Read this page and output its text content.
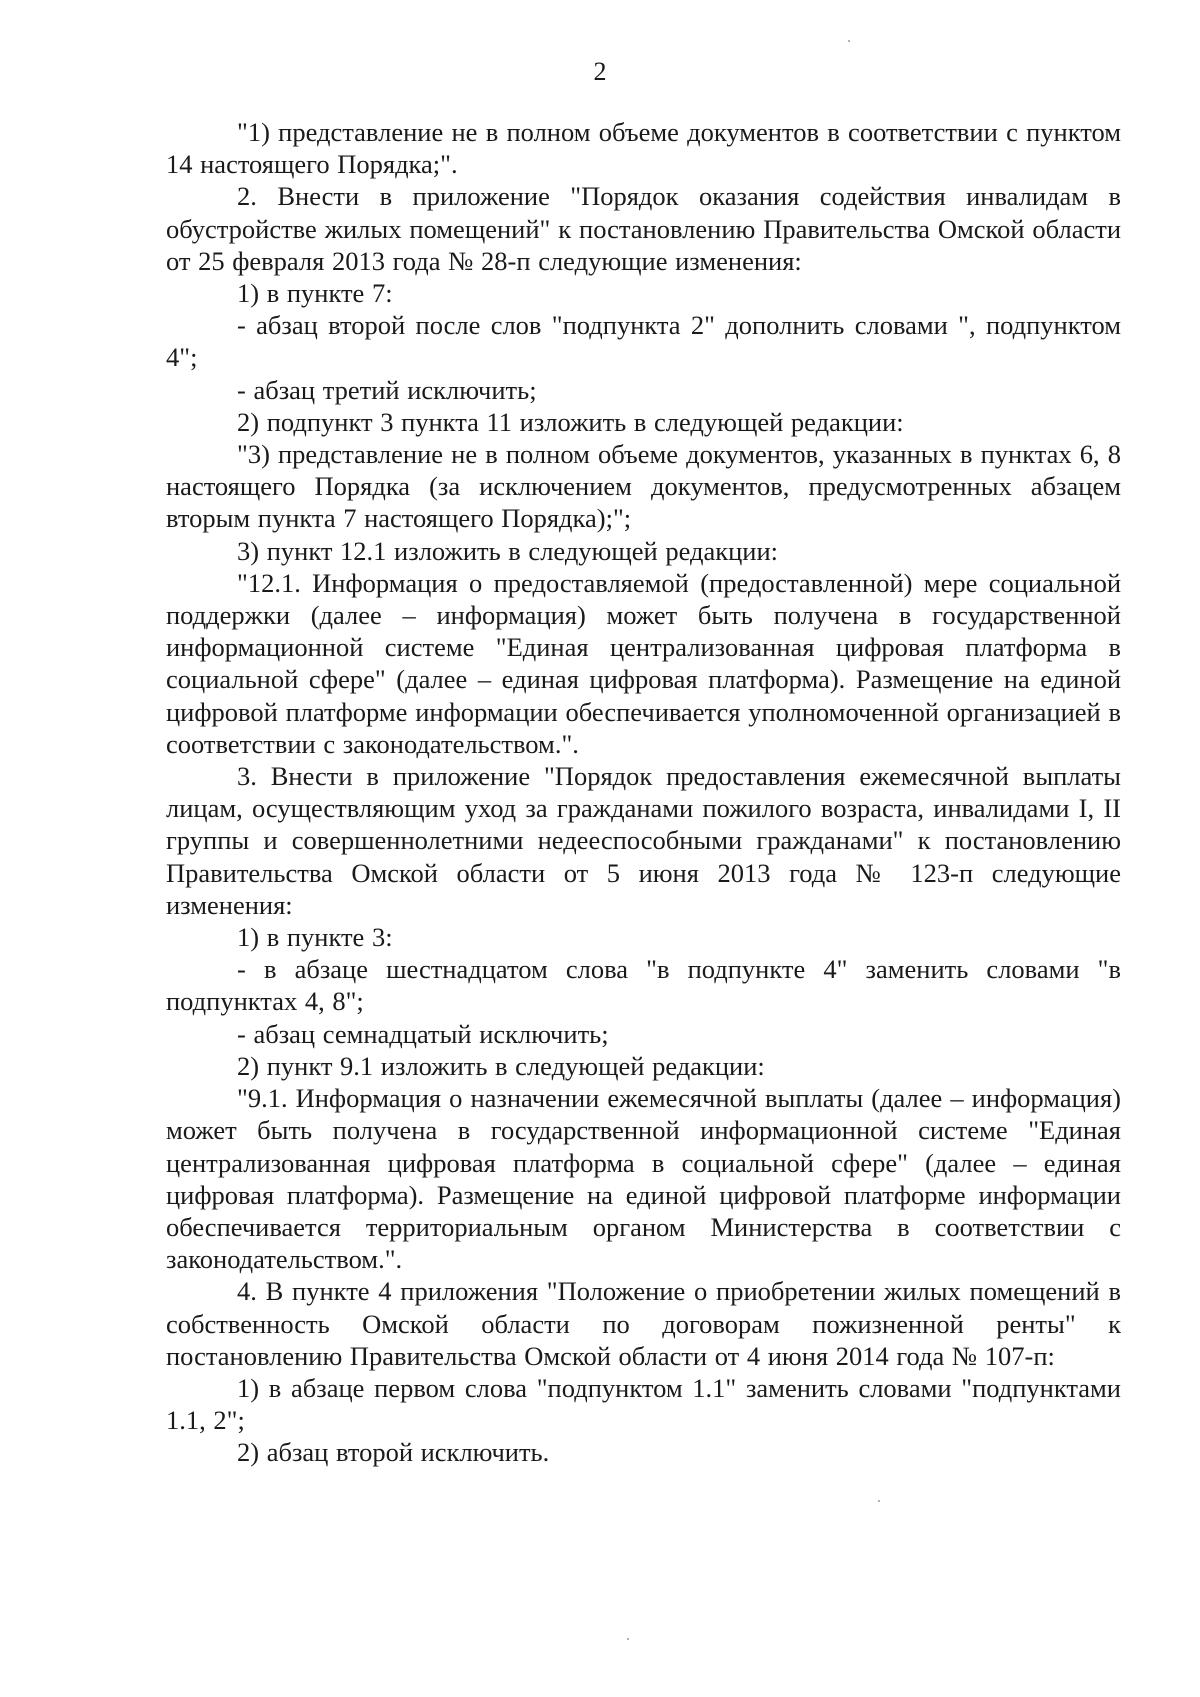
2

"1) представление не в полном объеме документов в соответствии с пунктом 14 настоящего Порядка;".

2. Внести в приложение "Порядок оказания содействия инвалидам в обустройстве жилых помещений" к постановлению Правительства Омской области от 25 февраля 2013 года № 28-п следующие изменения:

1) в пункте 7:

- абзац второй после слов "подпункта 2" дополнить словами ", подпунктом 4";

- абзац третий исключить;

2) подпункт 3 пункта 11 изложить в следующей редакции:

"3) представление не в полном объеме документов, указанных в пунктах 6, 8 настоящего Порядка (за исключением документов, предусмотренных абзацем вторым пункта 7 настоящего Порядка);";

3) пункт 12.1 изложить в следующей редакции:

"12.1. Информация о предоставляемой (предоставленной) мере социальной поддержки (далее – информация) может быть получена в государственной информационной системе "Единая централизованная цифровая платформа в социальной сфере" (далее – единая цифровая платформа). Размещение на единой цифровой платформе информации обеспечивается уполномоченной организацией в соответствии с законодательством.".

3. Внести в приложение "Порядок предоставления ежемесячной выплаты лицам, осуществляющим уход за гражданами пожилого возраста, инвалидами I, II группы и совершеннолетними недееспособными гражданами" к постановлению Правительства Омской области от 5 июня 2013 года № 123-п следующие изменения:

1) в пункте 3:

- в абзаце шестнадцатом слова "в подпункте 4" заменить словами "в подпунктах 4, 8";

- абзац семнадцатый исключить;

2) пункт 9.1 изложить в следующей редакции:

"9.1. Информация о назначении ежемесячной выплаты (далее – информация) может быть получена в государственной информационной системе "Единая централизованная цифровая платформа в социальной сфере" (далее – единая цифровая платформа). Размещение на единой цифровой платформе информации обеспечивается территориальным органом Министерства в соответствии с законодательством.".

4. В пункте 4 приложения "Положение о приобретении жилых помещений в собственность Омской области по договорам пожизненной ренты" к постановлению Правительства Омской области от 4 июня 2014 года № 107-п:

1) в абзаце первом слова "подпунктом 1.1" заменить словами "подпунктами 1.1, 2";

2) абзац второй исключить.
